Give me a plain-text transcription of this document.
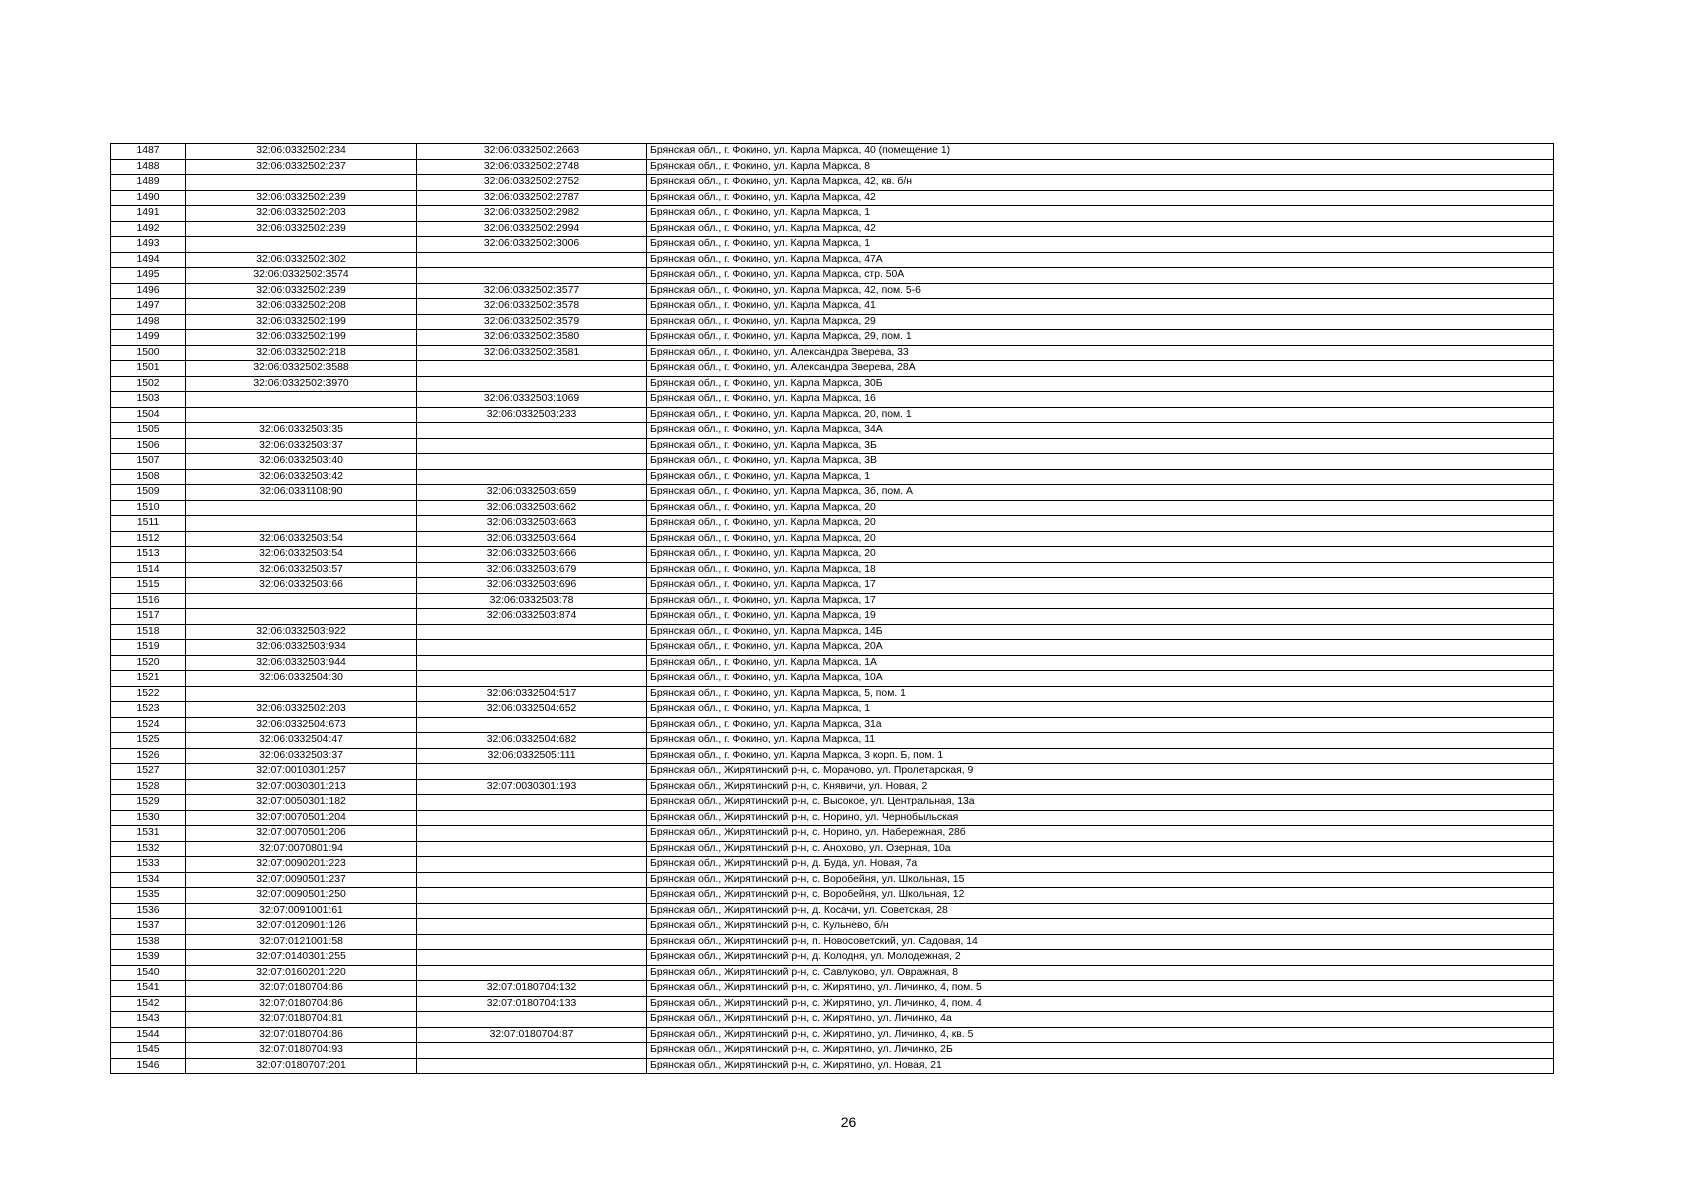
1487	32:06:0332502:234	32:06:0332502:2663	Брянская обл., г. Фокино, ул. Карла Маркса, 40 (помещение 1)
1488	32:06:0332502:237	32:06:0332502:2748	Брянская обл., г. Фокино, ул. Карла Маркса, 8
1489		32:06:0332502:2752	Брянская обл., г. Фокино, ул. Карла Маркса, 42, кв. б/н
1490	32:06:0332502:239	32:06:0332502:2787	Брянская обл., г. Фокино, ул. Карла Маркса, 42
1491	32:06:0332502:203	32:06:0332502:2982	Брянская обл., г. Фокино, ул. Карла Маркса, 1
1492	32:06:0332502:239	32:06:0332502:2994	Брянская обл., г. Фокино, ул. Карла Маркса, 42
1493		32:06:0332502:3006	Брянская обл., г. Фокино, ул. Карла Маркса, 1
1494	32:06:0332502:302		Брянская обл., г. Фокино, ул. Карла Маркса, 47А
1495	32:06:0332502:3574		Брянская обл., г. Фокино, ул. Карла Маркса, стр. 50А
1496	32:06:0332502:239	32:06:0332502:3577	Брянская обл., г. Фокино, ул. Карла Маркса, 42, пом. 5-6
1497	32:06:0332502:208	32:06:0332502:3578	Брянская обл., г. Фокино, ул. Карла Маркса, 41
1498	32:06:0332502:199	32:06:0332502:3579	Брянская обл., г. Фокино, ул. Карла Маркса, 29
1499	32:06:0332502:199	32:06:0332502:3580	Брянская обл., г. Фокино, ул. Карла Маркса, 29, пом. 1
1500	32:06:0332502:218	32:06:0332502:3581	Брянская обл., г. Фокино, ул. Александра Зверева, 33
1501	32:06:0332502:3588		Брянская обл., г. Фокино, ул. Александра Зверева, 28А
1502	32:06:0332502:3970		Брянская обл., г. Фокино, ул. Карла Маркса, 30Б
1503		32:06:0332503:1069	Брянская обл., г. Фокино, ул. Карла Маркса, 16
1504		32:06:0332503:233	Брянская обл., г. Фокино, ул. Карла Маркса, 20, пом. 1
1505	32:06:0332503:35		Брянская обл., г. Фокино, ул. Карла Маркса, 34А
1506	32:06:0332503:37		Брянская обл., г. Фокино, ул. Карла Маркса, 3Б
1507	32:06:0332503:40		Брянская обл., г. Фокино, ул. Карла Маркса, 3В
1508	32:06:0332503:42		Брянская обл., г. Фокино, ул. Карла Маркса, 1
1509	32:06:0331108:90	32:06:0332503:659	Брянская обл., г. Фокино, ул. Карла Маркса, 3б, пом. А
1510		32:06:0332503:662	Брянская обл., г. Фокино, ул. Карла Маркса, 20
1511		32:06:0332503:663	Брянская обл., г. Фокино, ул. Карла Маркса, 20
1512	32:06:0332503:54	32:06:0332503:664	Брянская обл., г. Фокино, ул. Карла Маркса, 20
1513	32:06:0332503:54	32:06:0332503:666	Брянская обл., г. Фокино, ул. Карла Маркса, 20
1514	32:06:0332503:57	32:06:0332503:679	Брянская обл., г. Фокино, ул. Карла Маркса, 18
1515	32:06:0332503:66	32:06:0332503:696	Брянская обл., г. Фокино, ул. Карла Маркса, 17
1516		32:06:0332503:78	Брянская обл., г. Фокино, ул. Карла Маркса, 17
1517		32:06:0332503:874	Брянская обл., г. Фокино, ул. Карла Маркса, 19
1518	32:06:0332503:922		Брянская обл., г. Фокино, ул. Карла Маркса, 14Б
1519	32:06:0332503:934		Брянская обл., г. Фокино, ул. Карла Маркса, 20А
1520	32:06:0332503:944		Брянская обл., г. Фокино, ул. Карла Маркса, 1А
1521	32:06:0332504:30		Брянская обл., г. Фокино, ул. Карла Маркса, 10А
1522		32:06:0332504:517	Брянская обл., г. Фокино, ул. Карла Маркса, 5, пом. 1
1523	32:06:0332502:203	32:06:0332504:652	Брянская обл., г. Фокино, ул. Карла Маркса, 1
1524	32:06:0332504:673		Брянская обл., г. Фокино, ул. Карла Маркса, 31а
1525	32:06:0332504:47	32:06:0332504:682	Брянская обл., г. Фокино, ул. Карла Маркса, 11
1526	32:06:0332503:37	32:06:0332505:111	Брянская обл., г. Фокино, ул. Карла Маркса, 3 корп. Б, пом. 1
1527	32:07:0010301:257		Брянская обл., Жирятинский р-н, с. Морачово, ул. Пролетарская, 9
1528	32:07:0030301:213	32:07:0030301:193	Брянская обл., Жирятинский р-н, с. Княвичи, ул. Новая, 2
1529	32:07:0050301:182		Брянская обл., Жирятинский р-н, с. Высокое, ул. Центральная, 13а
1530	32:07:0070501:204		Брянская обл., Жирятинский р-н, с. Норино, ул. Чернобыльская
1531	32:07:0070501:206		Брянская обл., Жирятинский р-н, с. Норино, ул. Набережная, 28б
1532	32:07:0070801:94		Брянская обл., Жирятинский р-н, с. Анохово, ул. Озерная, 10а
1533	32:07:0090201:223		Брянская обл., Жирятинский р-н, д. Буда, ул. Новая, 7а
1534	32:07:0090501:237		Брянская обл., Жирятинский р-н, с. Воробейня, ул. Школьная, 15
1535	32:07:0090501:250		Брянская обл., Жирятинский р-н, с. Воробейня, ул. Школьная, 12
1536	32:07:0091001:61		Брянская обл., Жирятинский р-н, д. Косачи, ул. Советская, 28
1537	32:07:0120901:126		Брянская обл., Жирятинский р-н, с. Кульнево, б/н
1538	32:07:0121001:58		Брянская обл., Жирятинский р-н, п. Новосоветский, ул. Садовая, 14
1539	32:07:0140301:255		Брянская обл., Жирятинский р-н, д. Колодня, ул. Молодежная, 2
1540	32:07:0160201:220		Брянская обл., Жирятинский р-н, с. Савлуково, ул. Овражная, 8
1541	32:07:0180704:86	32:07:0180704:132	Брянская обл., Жирятинский р-н, с. Жирятино, ул. Личинко, 4, пом. 5
1542	32:07:0180704:86	32:07:0180704:133	Брянская обл., Жирятинский р-н, с. Жирятино, ул. Личинко, 4, пом. 4
1543	32:07:0180704:81		Брянская обл., Жирятинский р-н, с. Жирятино, ул. Личинко, 4а
1544	32:07:0180704:86	32:07:0180704:87	Брянская обл., Жирятинский р-н, с. Жирятино, ул. Личинко, 4, кв. 5
1545	32:07:0180704:93		Брянская обл., Жирятинский р-н, с. Жирятино, ул. Личинко, 2Б
1546	32:07:0180707:201		Брянская обл., Жирятинский р-н, с. Жирятино, ул. Новая, 21
26
